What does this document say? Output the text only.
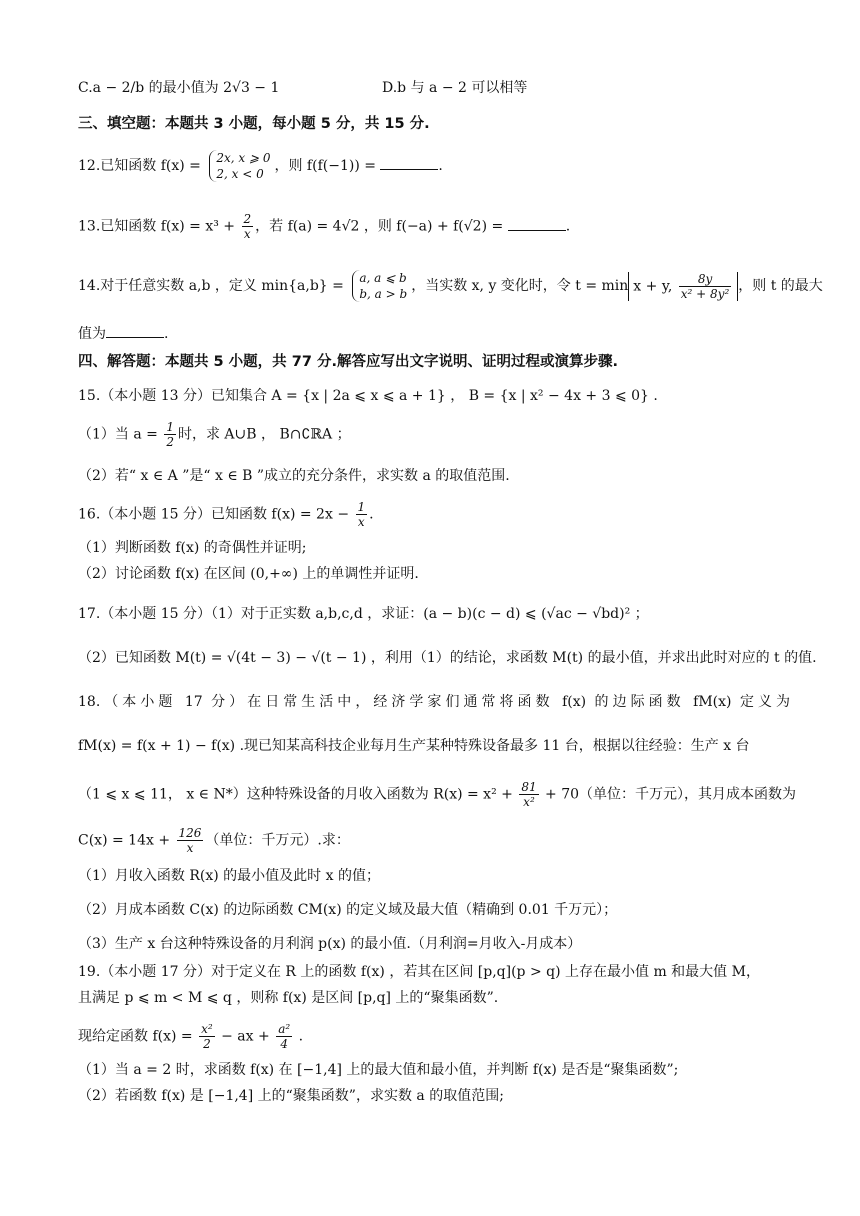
C.a − 2/b 的最小值为 2√3 − 1	D.b 与 a − 2 可以相等
三、填空题：本题共 3 小题，每小题 5 分，共 15 分.
12.已知函数 f(x) = 2x, x ⩾ 0
2, x < 0 ，则 f(f(−1)) =	.
13.已知函数 $f(x) = x^3 + \frac{2}{x}$ ，若 f(a) = 4√2 ，则 f(−a) + f(√2) =	.
14.对于任意实数 a,b ，定义 min{a,b} = a, a ⩽ b
b, a > b ，当实数 x, y 变化时，令 t = min x + y, $\frac{8y}{\text{x² + 8y²}}$ ，则 t 的最大
值为	.
四、解答题：本题共 5 小题，共 77 分.解答应写出文字说明、证明过程或演算步骤.
15.（本小题 13 分）已知集合 A = {x | 2a ⩽ x ⩽ a + 1} ， B = {x | x² − 4x + 3 ⩽ 0} .
（1）当 $a = \frac{1}{2}$ 时，求 A∪B ， B∩∁ℝA ；
（2）若“ x ∈ A ”是“ x ∈ B ”成立的充分条件，求实数 a 的取值范围.
16.（本小题 15 分）已知函数 $f(x) = 2x - \frac{1}{x}$ .
（1）判断函数 f(x) 的奇偶性并证明;
（2）讨论函数 f(x) 在区间 (0,+∞) 上的单调性并证明.
17.（本小题 15 分）（1）对于正实数 a,b,c,d ，求证：(a − b)(c − d) ⩽ (√ac − √bd)² ；
（2）已知函数 M(t) = √(4t − 3) − √(t − 1) ，利用（1）的结论，求函数 M(t) 的最小值，并求出此时对应的 t 的值.
18.（本小题 17 分）在日常生活中，经济学家们通常将函数 f(x) 的边际函数 fM(x) 定义为
fM(x) = f(x + 1) − f(x) .现已知某高科技企业每月生产某种特殊设备最多 11 台，根据以往经验：生产 x 台
（1 ⩽ x ⩽ 11， x ∈ N*）这种特殊设备的月收入函数为 $R(x) = x^2 + \frac{81}{\text{x²}} + 70$（单位：千万元），其月成本函数为
$C(x) = 14x + \frac{126}{x}$ （单位：千万元）.求：
（1）月收入函数 R(x) 的最小值及此时 x 的值；
（2）月成本函数 C(x) 的边际函数 CM(x) 的定义域及最大值（精确到 0.01 千万元）；
（3）生产 x 台这种特殊设备的月利润 p(x) 的最小值.（月利润=月收入-月成本）
19.（本小题 17 分）对于定义在 R 上的函数 f(x) ，若其在区间 [p,q](p > q) 上存在最小值 m 和最大值 M，
且满足 p ⩽ m < M ⩽ q ，则称 f(x) 是区间 [p,q] 上的“聚集函数”.
现给定函数 $f(x) = \frac{\text{x²}}{2}$ − ax + $\frac{\text{a²}}{4}$ .
（1）当 a = 2 时，求函数 f(x) 在 [−1,4] 上的最大值和最小值，并判断 f(x) 是否是“聚集函数”;
（2）若函数 f(x) 是 [−1,4] 上的“聚集函数”，求实数 a 的取值范围;
